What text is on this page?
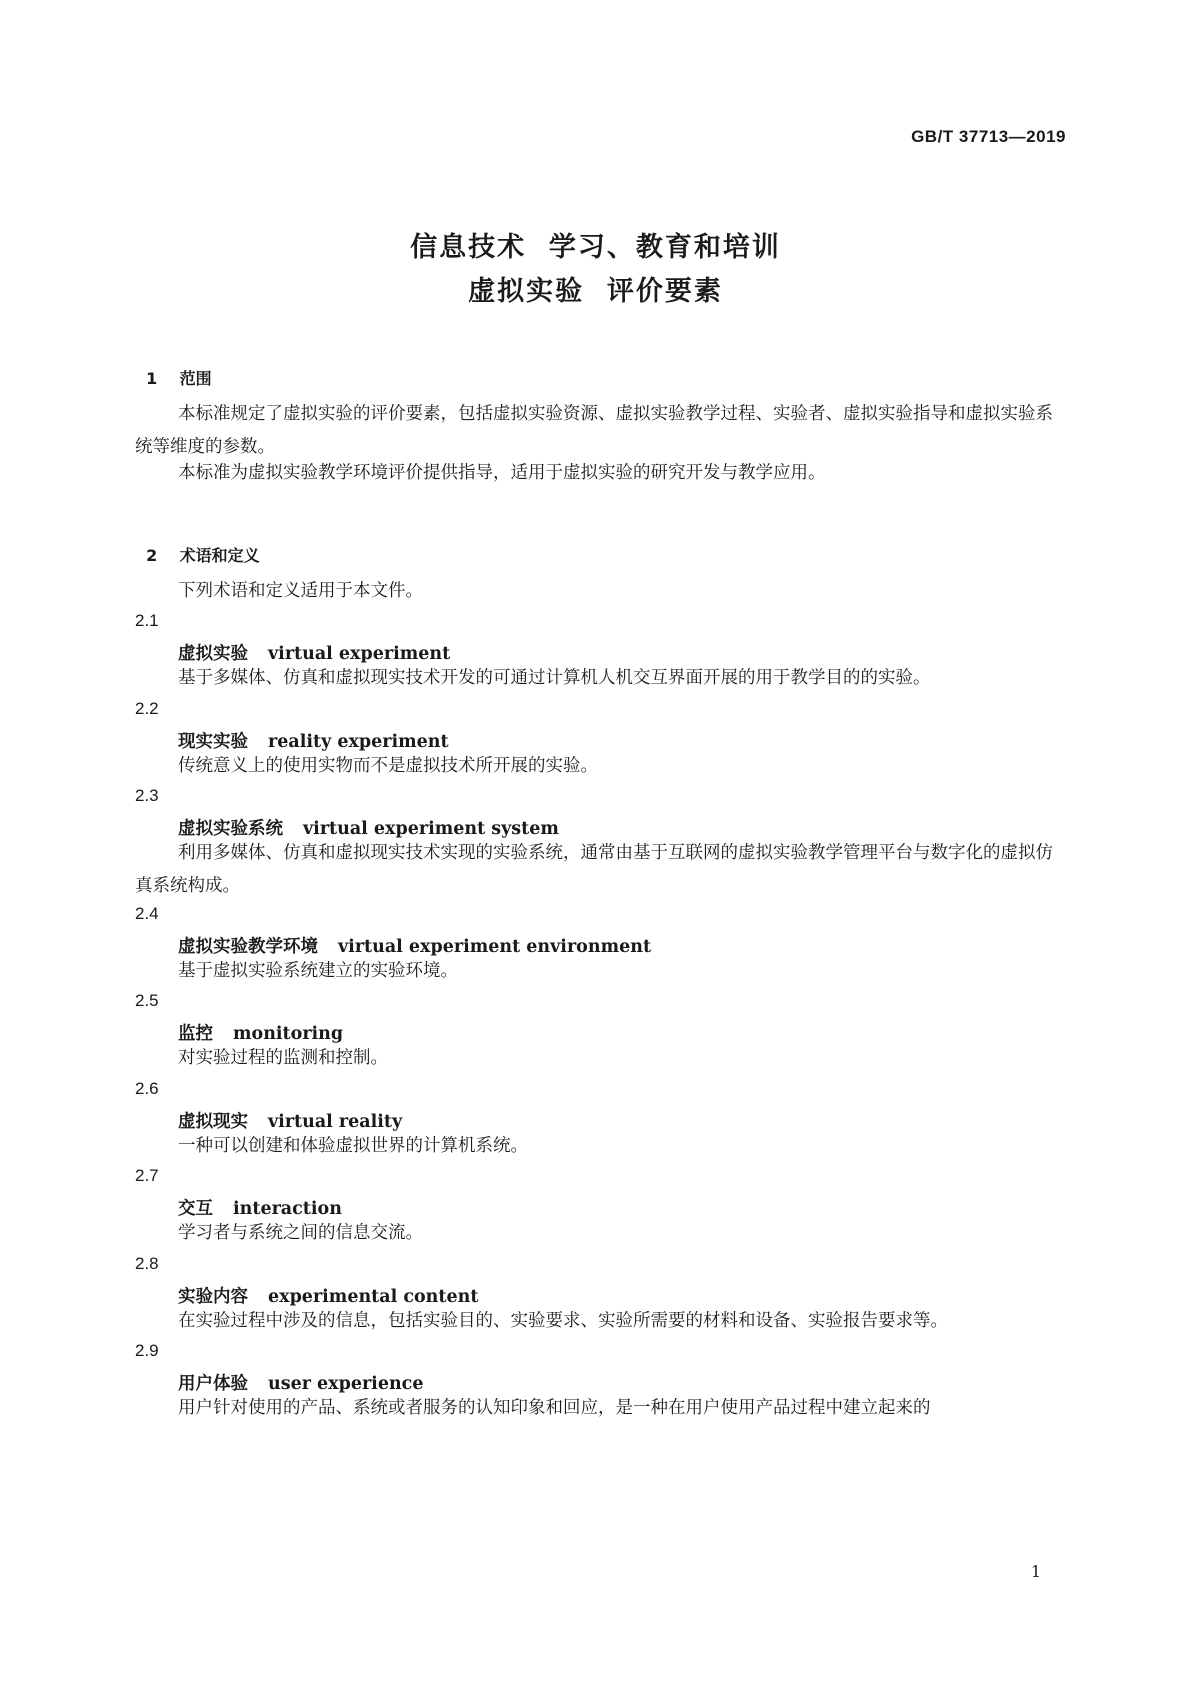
GB/T 37713—2019
信息技术  学习、教育和培训
虚拟实验  评价要素

1 范围

本标准规定了虚拟实验的评价要素，包括虚拟实验资源、虚拟实验教学过程、实验者、虚拟实验指导和虚拟实验系统等维度的参数。
本标准为虚拟实验教学环境评价提供指导，适用于虚拟实验的研究开发与教学应用。

2 术语和定义

下列术语和定义适用于本文件。
2.1
虚拟实验 virtual experiment
基于多媒体、仿真和虚拟现实技术开发的可通过计算机人机交互界面开展的用于教学目的的实验。
2.2
现实实验 reality experiment
传统意义上的使用实物而不是虚拟技术所开展的实验。
2.3
虚拟实验系统 virtual experiment system
利用多媒体、仿真和虚拟现实技术实现的实验系统，通常由基于互联网的虚拟实验教学管理平台与数字化的虚拟仿真系统构成。
2.4
虚拟实验教学环境 virtual experiment environment
基于虚拟实验系统建立的实验环境。
2.5
监控 monitoring
对实验过程的监测和控制。
2.6
虚拟现实 virtual reality
一种可以创建和体验虚拟世界的计算机系统。
2.7
交互 interaction
学习者与系统之间的信息交流。
2.8
实验内容 experimental content
在实验过程中涉及的信息，包括实验目的、实验要求、实验所需要的材料和设备、实验报告要求等。
2.9
用户体验 user experience
用户针对使用的产品、系统或者服务的认知印象和回应，是一种在用户使用产品过程中建立起来的
1
